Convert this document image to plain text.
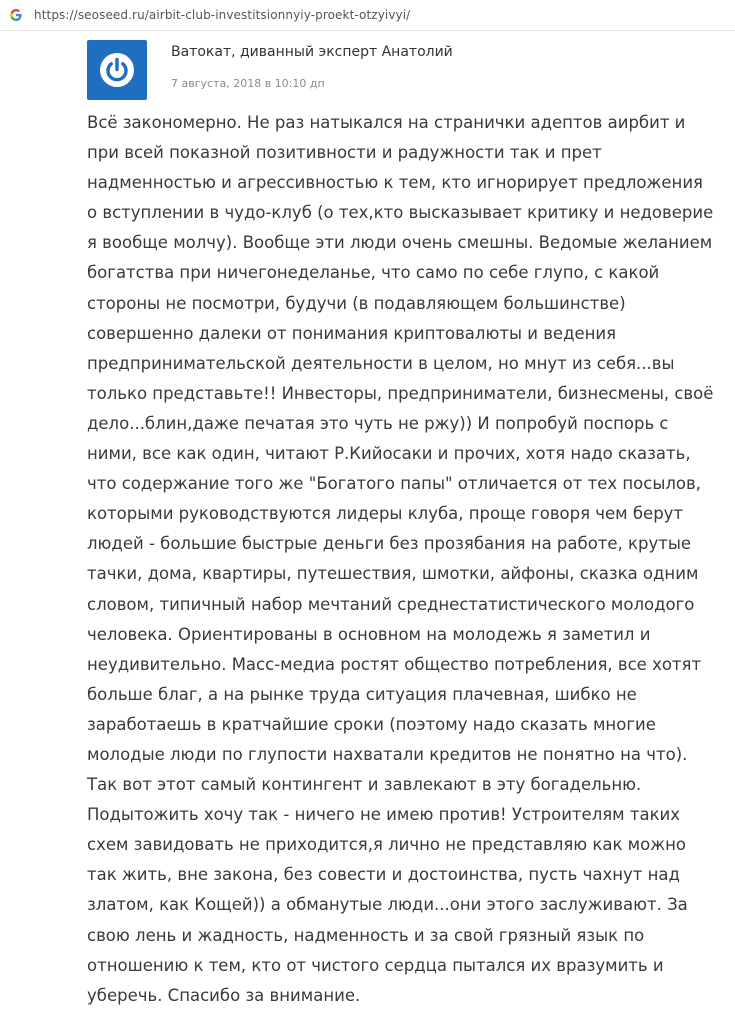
https://seoseed.ru/airbit-club-investitsionnyiy-proekt-otzyivyi/
Ватокат, диванный эксперт Анатолий
7 августа, 2018 в 10:10 дп
Всё закономерно. Не раз натыкался на странички адептов аирбит и при всей показной позитивности и радужности так и прет надменностью и агрессивностью к тем, кто игнорирует предложения о вступлении в чудо-клуб (о тех,кто высказывает критику и недоверие я вообще молчу). Вообще эти люди очень смешны. Ведомые желанием богатства при ничегонеделанье, что само по себе глупо, с какой стороны не посмотри, будучи (в подавляющем большинстве) совершенно далеки от понимания криптовалюты и ведения предпринимательской деятельности в целом, но мнут из себя...вы только представьте!! Инвесторы, предприниматели, бизнесмены, своё дело...блин,даже печатая это чуть не ржу)) И попробуй поспорь с ними, все как один, читают Р.Кийосаки и прочих, хотя надо сказать, что содержание того же "Богатого папы" отличается от тех посылов, которыми руководствуются лидеры клуба, проще говоря чем берут людей - большие быстрые деньги без прозябания на работе, крутые тачки, дома, квартиры, путешествия, шмотки, айфоны, сказка одним словом, типичный набор мечтаний среднестатистического молодого человека. Ориентированы в основном на молодежь я заметил и неудивительно. Масс-медиа ростят общество потребления, все хотят больше благ, а на рынке труда ситуация плачевная, шибко не заработаешь в кратчайшие сроки (поэтому надо сказать многие молодые люди по глупости нахватали кредитов не понятно на что). Так вот этот самый контингент и завлекают в эту богадельню. Подытожить хочу так - ничего не имею против! Устроителям таких схем завидовать не приходится,я лично не представляю как можно так жить, вне закона, без совести и достоинства, пусть чахнут над златом, как Кощей)) а обманутые люди...они этого заслуживают. За свою лень и жадность, надменность и за свой грязный язык по отношению к тем, кто от чистого сердца пытался их вразумить и уберечь. Спасибо за внимание.
